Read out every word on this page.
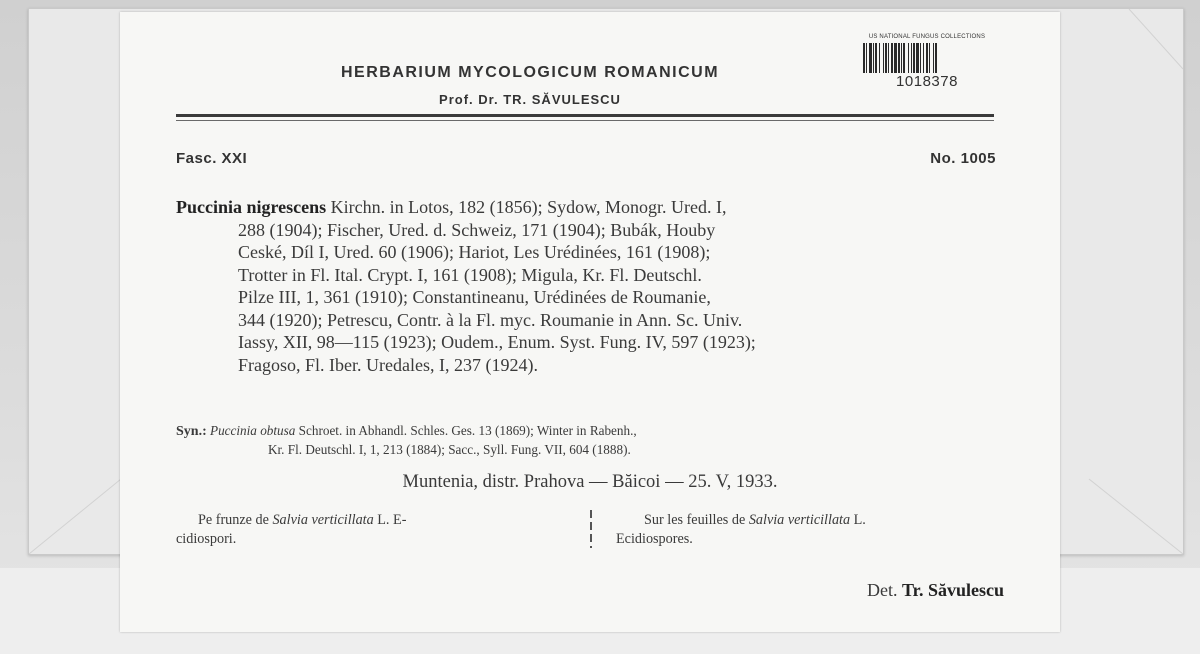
HERBARIUM MYCOLOGICUM ROMANICUM
Prof. Dr. TR. SĂVULESCU
US NATIONAL FUNGUS COLLECTIONS
1018378
Fasc. XXI	No. 1005

Puccinia nigrescens Kirchn. in Lotos, 182 (1856); Sydow, Monogr. Ured. I,

288 (1904); Fischer, Ured. d. Schweiz, 171 (1904); Bubák, Houby

Ceské, Díl I, Ured. 60 (1906); Hariot, Les Urédinées, 161 (1908);

Trotter in Fl. Ital. Crypt. I, 161 (1908); Migula, Kr. Fl. Deutschl.

Pilze III, 1, 361 (1910); Constantineanu, Urédinées de Roumanie,

344 (1920); Petrescu, Contr. à la Fl. myc. Roumanie in Ann. Sc. Univ.

Iassy, XII, 98—115 (1923); Oudem., Enum. Syst. Fung. IV, 597 (1923);

Fragoso, Fl. Iber. Uredales, I, 237 (1924).

Syn.: Puccinia obtusa Schroet. in Abhandl. Schles. Ges. 13 (1869); Winter in Rabenh.,

Kr. Fl. Deutschl. I, 1, 213 (1884); Sacc., Syll. Fung. VII, 604 (1888).

Muntenia, distr. Prahova — Băicoi — 25. V, 1933.

Pe frunze de Salvia verticillata L. E-

cidiospori.

Sur les feuilles de Salvia verticillata L.

Ecidiospores.

Det. Tr. Săvulescu
